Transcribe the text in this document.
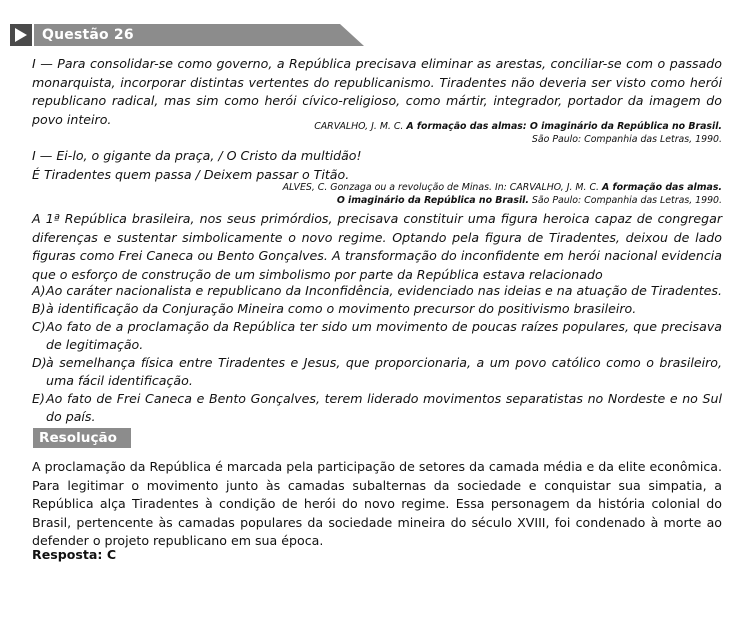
Questão 26
I — Para consolidar-se como governo, a República precisava eliminar as arestas, conciliar-se com o passado monarquista, incorporar distintas vertentes do republicanismo. Tiradentes não deveria ser visto como herói republicano radical, mas sim como herói cívico-religioso, como mártir, integrador, portador da imagem do povo inteiro.	CARVALHO, J. M. C. A formação das almas: O imaginário da República no Brasil.
São Paulo: Companhia das Letras, 1990.
I — Ei-lo, o gigante da praça, / O Cristo da multidão!
É Tiradentes quem passa / Deixem passar o Titão.
ALVES, C. Gonzaga ou a revolução de Minas. In: CARVALHO, J. M. C. A formação das almas.
O imaginário da República no Brasil. São Paulo: Companhia das Letras, 1990.
A 1ª República brasileira, nos seus primórdios, precisava constituir uma figura heroica capaz de congregar diferenças e sustentar simbolicamente o novo regime. Optando pela figura de Tiradentes, deixou de lado figuras como Frei Caneca ou Bento Gonçalves. A transformação do inconfidente em herói nacional evidencia que o esforço de construção de um simbolismo por parte da República estava relacionado
A) Ao caráter nacionalista e republicano da Inconfidência, evidenciado nas ideias e na atuação de Tiradentes.
B) à identificação da Conjuração Mineira como o movimento precursor do positivismo brasileiro.
C) Ao fato de a proclamação da República ter sido um movimento de poucas raízes populares, que precisava de legitimação.
D) à semelhança física entre Tiradentes e Jesus, que proporcionaria, a um povo católico como o brasileiro, uma fácil identificação.
E) Ao fato de Frei Caneca e Bento Gonçalves, terem liderado movimentos separatistas no Nordeste e no Sul do país.
Resolução
A proclamação da República é marcada pela participação de setores da camada média e da elite econômica. Para legitimar o movimento junto às camadas subalternas da sociedade e conquistar sua simpatia, a República alça Tiradentes à condição de herói do novo regime. Essa personagem da história colonial do Brasil, pertencente às camadas populares da sociedade mineira do século XVIII, foi condenado à morte ao defender o projeto republicano em sua época.
Resposta: C
